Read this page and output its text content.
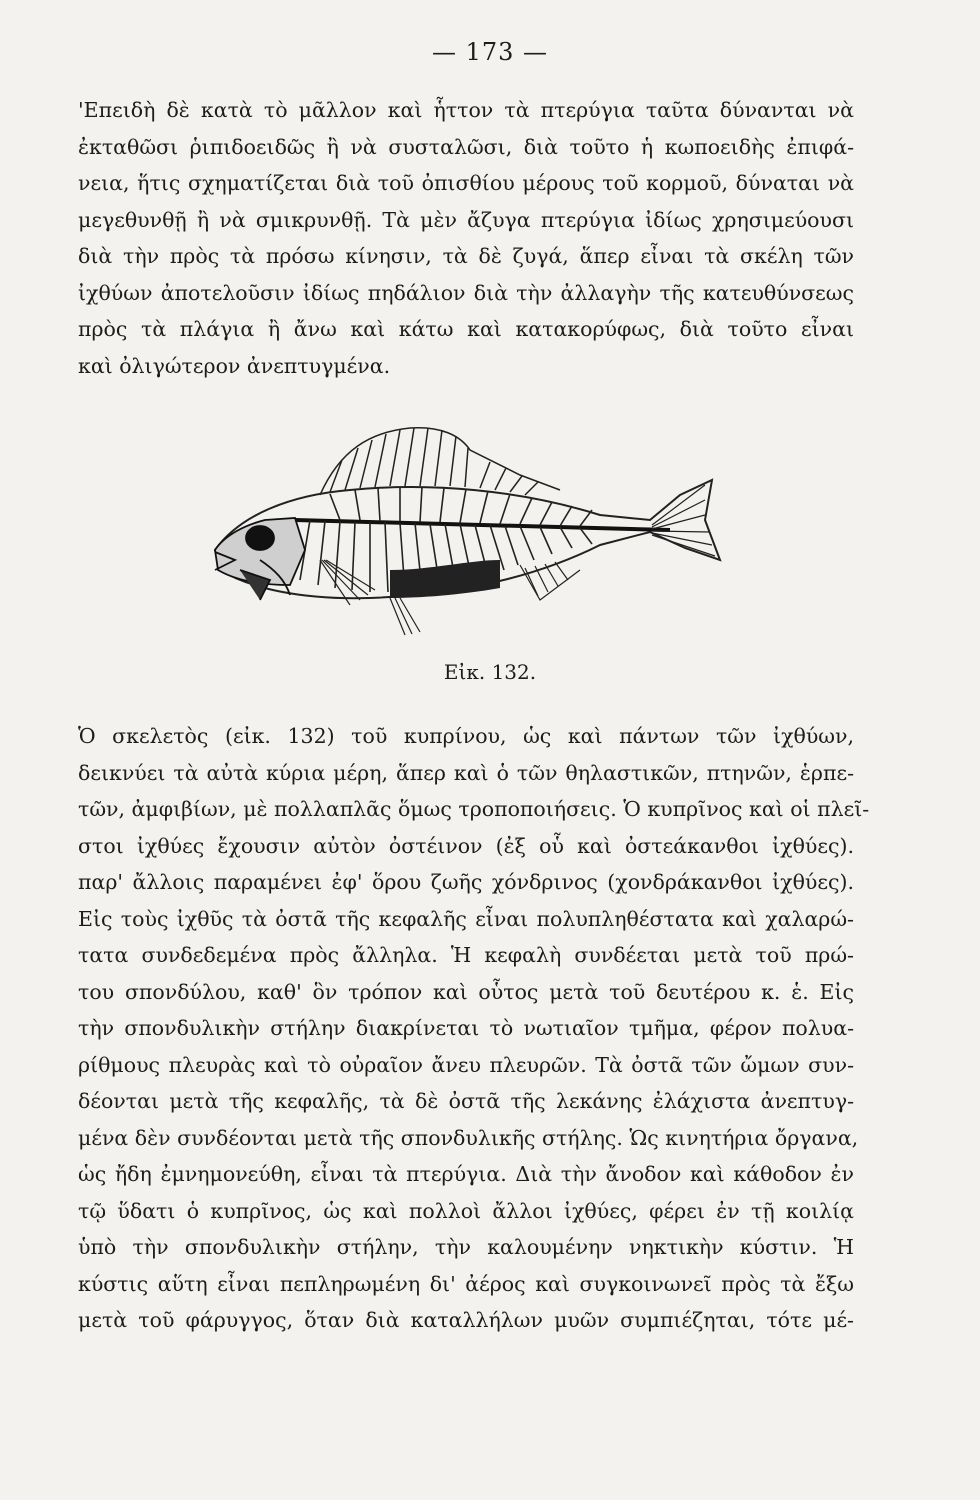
— 173 —
'Επειδὴ δὲ κατὰ τὸ μᾶλλον καὶ ἧττον τὰ πτερύγια ταῦτα δύνανται νὰ
ἐκταθῶσι ῥιπιδοειδῶς ἢ νὰ συσταλῶσι, διὰ τοῦτο ἡ κωποειδὴς ἐπιφά-
νεια, ἥτις σχηματίζεται διὰ τοῦ ὀπισθίου μέρους τοῦ κορμοῦ, δύναται νὰ
μεγεθυνθῇ ἢ νὰ σμικρυνθῇ. Τὰ μὲν ἄζυγα πτερύγια ἰδίως χρησιμεύουσι
διὰ τὴν πρὸς τὰ πρόσω κίνησιν, τὰ δὲ ζυγά, ἅπερ εἶναι τὰ σκέλη τῶν
ἰχθύων ἀποτελοῦσιν ἰδίως πηδάλιον διὰ τὴν ἀλλαγὴν τῆς κατευθύνσεως
πρὸς τὰ πλάγια ἢ ἄνω καὶ κάτω καὶ κατακορύφως, διὰ τοῦτο εἶναι
καὶ ὀλιγώτερον ἀνεπτυγμένα.
Εἰκ. 132.
Ὁ σκελετὸς (εἰκ. 132) τοῦ κυπρίνου, ὡς καὶ πάντων τῶν ἰχθύων,
δεικνύει τὰ αὐτὰ κύρια μέρη, ἅπερ καὶ ὁ τῶν θηλαστικῶν, πτηνῶν, ἑρπε-
τῶν, ἀμφιβίων, μὲ πολλαπλᾶς ὅμως τροποποιήσεις. Ὁ κυπρῖνος καὶ οἱ πλεῖ-
στοι ἰχθύες ἔχουσιν αὐτὸν ὀστέινον (ἐξ οὗ καὶ ὀστεάκανθοι ἰχθύες).
παρ' ἄλλοις παραμένει ἐφ' ὅρου ζωῆς χόνδρινος (χονδράκανθοι ἰχθύες).
Εἰς τοὺς ἰχθῦς τὰ ὀστᾶ τῆς κεφαλῆς εἶναι πολυπληθέστατα καὶ χαλαρώ-
τατα συνδεδεμένα πρὸς ἄλληλα. Ἡ κεφαλὴ συνδέεται μετὰ τοῦ πρώ-
του σπονδύλου, καθ' ὃν τρόπον καὶ οὗτος μετὰ τοῦ δευτέρου κ. ἑ. Εἰς
τὴν σπονδυλικὴν στήλην διακρίνεται τὸ νωτιαῖον τμῆμα, φέρον πολυα-
ρίθμους πλευρὰς καὶ τὸ οὐραῖον ἄνευ πλευρῶν. Τὰ ὀστᾶ τῶν ὤμων συν-
δέονται μετὰ τῆς κεφαλῆς, τὰ δὲ ὀστᾶ τῆς λεκάνης ἐλάχιστα ἀνεπτυγ-
μένα δὲν συνδέονται μετὰ τῆς σπονδυλικῆς στήλης. Ὡς κινητήρια ὄργανα,
ὡς ἤδη ἐμνημονεύθη, εἶναι τὰ πτερύγια. Διὰ τὴν ἄνοδον καὶ κάθοδον ἐν
τῷ ὕδατι ὁ κυπρῖνος, ὡς καὶ πολλοὶ ἄλλοι ἰχθύες, φέρει ἐν τῇ κοιλίᾳ
ὑπὸ τὴν σπονδυλικὴν στήλην, τὴν καλουμένην νηκτικὴν κύστιν. Ἡ
κύστις αὕτη εἶναι πεπληρωμένη δι' ἀέρος καὶ συγκοινωνεῖ πρὸς τὰ ἔξω
μετὰ τοῦ φάρυγγος, ὅταν διὰ καταλλήλων μυῶν συμπιέζηται, τότε μέ-
